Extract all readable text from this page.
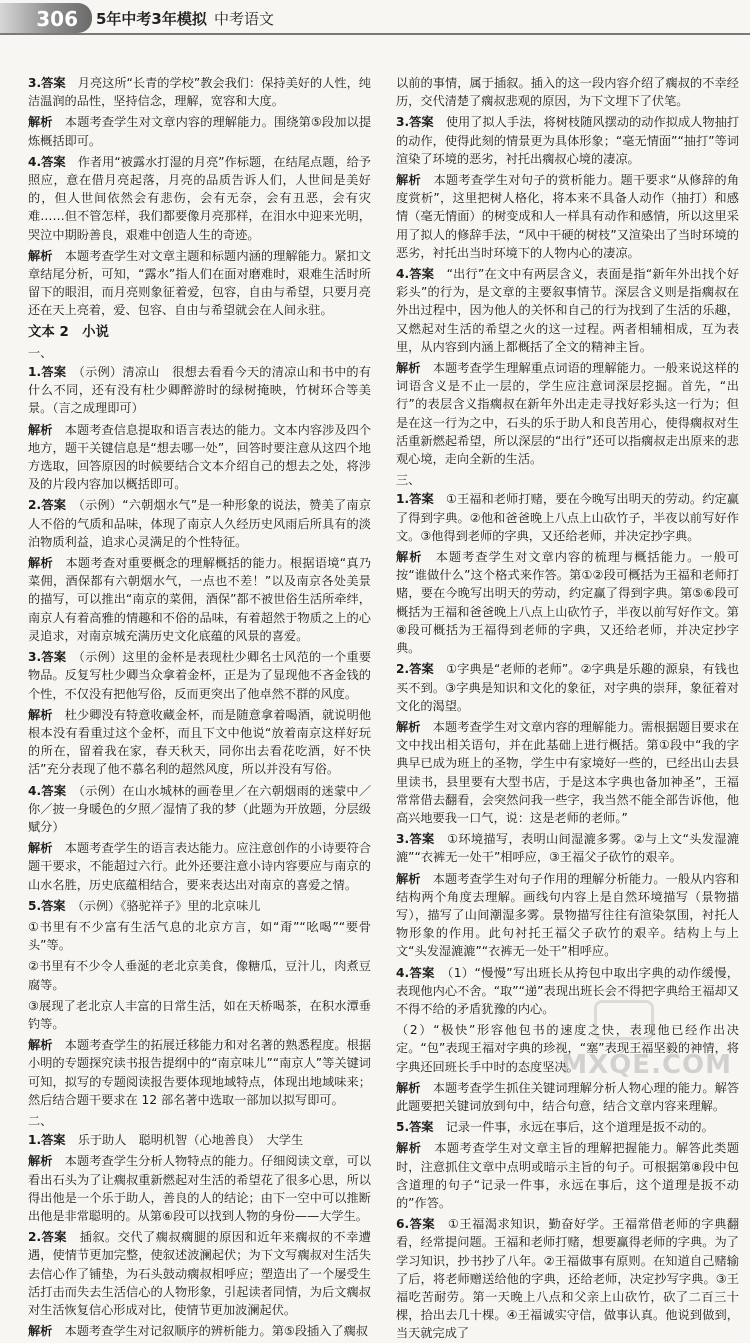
306 5年中考3年模拟 中考语文

3.答案　 月亮这所“长青的学校”教会我们：保持美好的人性，纯洁温润的品性，坚持信念，理解，宽容和大度。

解析　 本题考查学生对文章内容的理解能力。围绕第⑤段加以提炼概括即可。

4.答案　 作者用“被露水打湿的月亮”作标题，在结尾点题，给予照应，意在借月亮起落，月亮的品质告诉人们，人世间是美好的，但人世间依然会有悲伤，会有无奈，会有丑恶，会有灾难……但不管怎样，我们都要像月亮那样，在泪水中迎来光明，哭泣中期盼善良，艰难中创造人生的奇迹。

解析　 本题考查学生对文章主题和标题内涵的理解能力。紧扣文章结尾分析，可知，“露水”指人们在面对磨难时，艰难生活时所留下的眼泪，而月亮则象征着爱，包容，自由与希望，只要月亮还在天上亮着，爱、包容、自由与希望就会在人间永驻。

文本 2　小说
一、

1.答案　 （示例）清凉山　很想去看看今天的清凉山和书中的有什么不同，还有没有杜少卿醉游时的绿树掩映，竹树环合等美景。（言之成理即可）

解析　 本题考查信息提取和语言表达的能力。文本内容涉及四个地方，题干关键信息是“想去哪一处”，回答时要注意从这四个地方选取，回答原因的时候要结合文本介绍自己的想去之处，将涉及的片段内容加以概括即可。

2.答案　 （示例）“六朝烟水气”是一种形象的说法，赞美了南京人不俗的气质和品味，体现了南京人久经历史风雨后所具有的淡泊物质利益，追求心灵满足的个性特征。

解析　 本题考查对重要概念的理解概括的能力。根据语境“真乃菜佣，酒保都有六朝烟水气，一点也不差！”以及南京各处美景的描写，可以推出“南京的菜佣，酒保”都不被世俗生活所牵绊，南京人有着高雅的情趣和不俗的品味，有着超然于物质之上的心灵追求，对南京城充满历史文化底蕴的风景的喜爱。

3.答案　 （示例）这里的金杯是表现杜少卿名士风范的一个重要物品。反复写杜少卿当众拿着金杯，正是为了显现他不吝金钱的个性，不仅没有把他写俗，反而更突出了他卓然不群的风度。

解析　 杜少卿没有特意收藏金杯，而是随意拿着喝酒，就说明他根本没有看重过这个金杯，而且下文中他说“放着南京这样好玩的所在，留着我在家，春天秋天，同你出去看花吃酒，好不快活”充分表现了他不慕名利的超然风度，所以并没有写俗。

4.答案　 （示例）在山水城林的画卷里／在六朝烟雨的迷蒙中／你／披一身暖色的夕照／湿情了我的梦（此题为开放题，分层级赋分）

解析　 本题考查学生的语言表达能力。应注意创作的小诗要符合题干要求，不能超过六行。此外还要注意小诗内容要应与南京的山水名胜，历史底蕴相结合，要来表达出对南京的喜爱之情。

5.答案　 （示例）《骆驼祥子》里的北京味儿

①书里有不少富有生活气息的北京方言，如“甭”“吆喝”“要骨头”等。

②书里有不少令人垂涎的老北京美食，像糖瓜，豆汁儿，肉煮豆腐等。

③展现了老北京人丰富的日常生活，如在天桥喝茶，在积水潭垂钓等。

解析　 本题考查学生的拓展迁移能力和对名著的熟悉程度。根据小明的专题探究读书报告提纲中的“南京味儿”“南京人”等关键词可知，拟写的专题阅读报告要体现地域特点，体现出地域味来；然后结合题干要求在 12 部名著中选取一部加以拟写即可。

二、

1.答案　 乐于助人　聪明机智（心地善良）　大学生

解析　 本题考查学生分析人物特点的能力。仔细阅读文章，可以看出石头为了让瘸叔重新燃起对生活的希望花了很多心思，所以得出他是一个乐于助人，善良的人的结论；由下一空中可以推断出他是非常聪明的。从第⑥段可以找到人物的身份——大学生。

2.答案　 插叙。交代了瘸叔瘸腿的原因和近年来瘸叔的不幸遭遇，使情节更加完整，使叙述波澜起伏；为下文写瘸叔对生活失去信心作了铺垫，为石头鼓动瘸叔相呼应；塑造出了一个屡受生活打击而失去生活信心的人物形象，引起读者同情，为后文瘸叔对生活恢复信心形成对比，使情节更加波澜起伏。

解析　 本题考查学生对记叙顺序的辨析能力。第⑤段插入了瘸叔

以前的事情，属于插叙。插入的这一段内容介绍了瘸叔的不幸经历，交代清楚了瘸叔悲观的原因，为下文埋下了伏笔。

3.答案　 使用了拟人手法，将树枝随风摆动的动作拟成人物抽打的动作，使得此刻的情景更为具体形象；“毫无情面”“抽打”等词渲染了环境的恶劣，衬托出瘸叔心境的凄凉。

解析　 本题考查学生对句子的赏析能力。题干要求“从修辞的角度赏析”，这里把树人格化，将本来不具备人动作（抽打）和感情（毫无情面）的树变成和人一样具有动作和感情，所以这里采用了拟人的修辞手法，“风中干硬的树枝”又渲染出了当时环境的恶劣，衬托出当时环境下的人物内心的凄凉。

4.答案　 “出行”在文中有两层含义，表面是指“新年外出找个好彩头”的行为，是文章的主要叙事情节。深层含义则是指瘸叔在外出过程中，因为他人的关怀和自己的行为找到了生活的乐趣，又燃起对生活的希望之火的这一过程。两者相辅相成，互为表里，从内容到内涵上都概括了全文的精神主旨。

解析　 本题考查学生理解重点词语的理解能力。一般来说这样的词语含义是不止一层的，学生应注意词深层挖掘。首先，“出行”的表层含义指瘸叔在新年外出走走寻找好彩头这一行为；但是在这一行为之中，石头的乐于助人和良苦用心，使得瘸叔对生活重新燃起希望，所以深层的“出行”还可以指瘸叔走出原来的悲观心境，走向全新的生活。

三、

1.答案　 ①王福和老师打赌，要在今晚写出明天的劳动。约定赢了得到字典。②他和爸爸晚上八点上山砍竹子，半夜以前写好作文。③他得到老师的字典，又还给老师，并决定抄字典。

解析　 本题考查学生对文章内容的梳理与概括能力。一般可按“谁做什么”这个格式来作答。第①②段可概括为王福和老师打赌，要在今晚写出明天的劳动，约定赢了得到字典。第⑤⑥段可概括为王福和爸爸晚上八点上山砍竹子，半夜以前写好作文。第⑧段可概括为王福得到老师的字典，又还给老师，并决定抄字典。

2.答案　 ①字典是“老师的老师”。②字典是乐趣的源泉，有钱也买不到。③字典是知识和文化的象征，对字典的崇拜，象征着对文化的渴望。

解析　 本题考查学生对文章内容的理解能力。需根据题目要求在文中找出相关语句，并在此基础上进行概括。第①段中“我的字典早已成为班上的圣物，学生中有家境好一些的，已经出山去县里读书，县里要有大型书店，于是这本字典也备加神圣”，王福常常借去翻看，会突然问我一些字，我当然不能全部告诉他，他高兴地要我一口气，说：这是老师的老师。”

3.答案　 ①环境描写，表明山间湿漉多雾。②与上文“头发湿漉漉”“衣裤无一处干”相呼应，③王福父子砍竹的艰辛。

解析　 本题考查学生对句子作用的理解分析能力。一般从内容和结构两个角度去理解。画线句内容上是自然环境描写（景物描写），描写了山间潮湿多雾。景物描写往往有渲染氛围，衬托人物形象的作用。此句衬托王福父子砍竹的艰辛。结构上与上文“头发湿漉漉”“衣裤无一处干”相呼应。

4.答案　 （1）“慢慢”写出班长从挎包中取出字典的动作缓慢，表现他内心不舍。“取”“递”表现出班长会不得把字典给王福却又不得不给的矛盾犹豫的内心。

（2）“极快”形容他包书的速度之快，表现他已经作出决定。“包”表现王福对字典的珍视，“塞”表现王福坚毅的神情，将字典还回班长手中时的态度坚决。

解析　 本题考查学生抓住关键词理解分析人物心理的能力。解答此题要把关键词放到句中，结合句意，结合文章内容来理解。

5.答案　 记录一件事，永远在事后，这个道理是扳不动的。

解析　 本题考查学生对文章主旨的理解把握能力。解答此类题时，注意抓住文章中点明或暗示主旨的句子。可根据第⑧段中包含道理的句子“记录一件事，永远在事后，这个道理是扳不动的”作答。

6.答案　 ①王福渴求知识，勤奋好学。王福常借老师的字典翻看，经常提问题。王福和老师打赌，想要赢得老师的字典。为了学习知识，抄书抄了八年。②王福做事有原则。在知道自己赌输了后，将老师赠送给他的字典，还给老师，决定抄写字典。③王福吃苦耐劳。第一天晚上八点和父亲上山砍竹，砍了二百三十棵，拾出去几十棵。④王福诚实守信，做事认真。他说到做到，当天就完成了

MXQE.COM
